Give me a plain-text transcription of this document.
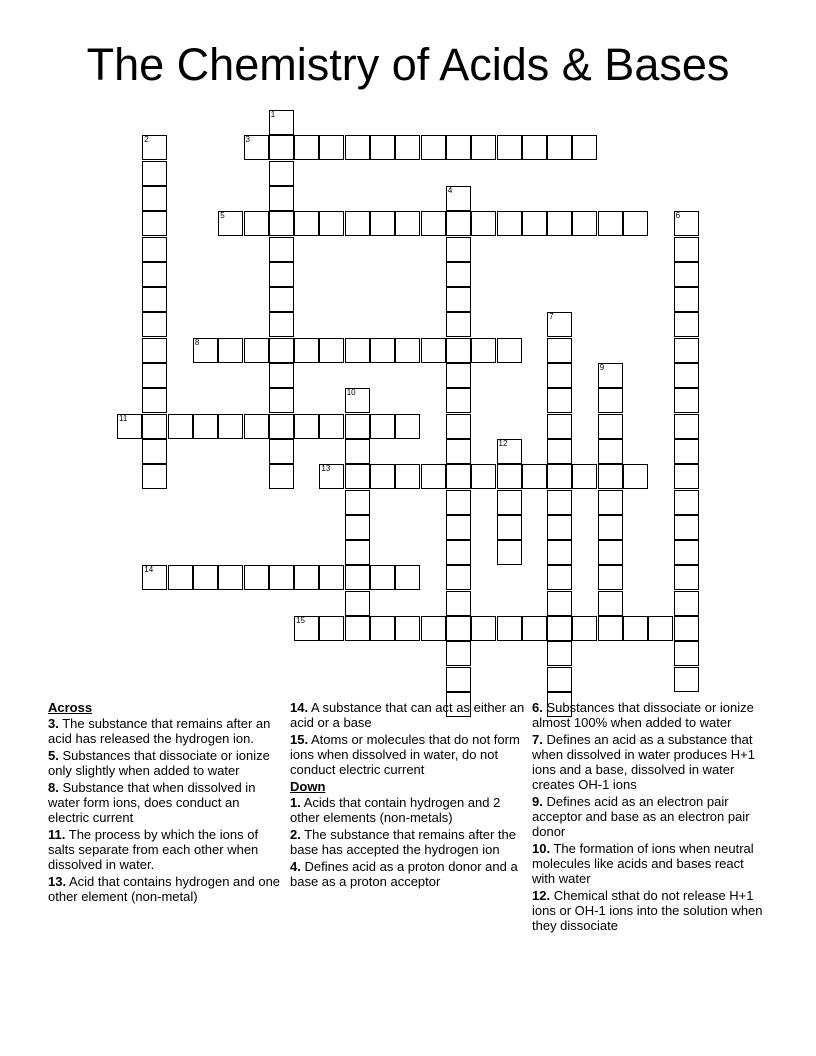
The Chemistry of Acids & Bases
1
2	3
4
5	6
7
8
9
10
11
12
13
14
15
Across
3. The substance that remains after an acid has released the hydrogen ion.
5. Substances that dissociate or ionize only slightly when added to water
8. Substance that when dissolved in water form ions, does conduct an electric current
11. The process by which the ions of salts separate from each other when dissolved in water.
13. Acid that contains hydrogen and one other element (non-metal)
14. A substance that can act as either an acid or a base
15. Atoms or molecules that do not form ions when dissolved in water, do not conduct electric current
Down
1. Acids that contain hydrogen and 2 other elements (non-metals)
2. The substance that remains after the base has accepted the hydrogen ion
4. Defines acid as a proton donor and a base as a proton acceptor
6. Substances that dissociate or ionize almost 100% when added to water
7. Defines an acid as a substance that when dissolved in water produces H+1 ions and a base, dissolved in water creates OH-1 ions
9. Defines acid as an electron pair acceptor and base as an electron pair donor
10. The formation of ions when neutral molecules like acids and bases react with water
12. Chemical sthat do not release H+1 ions or OH-1 ions into the solution when they dissociate
